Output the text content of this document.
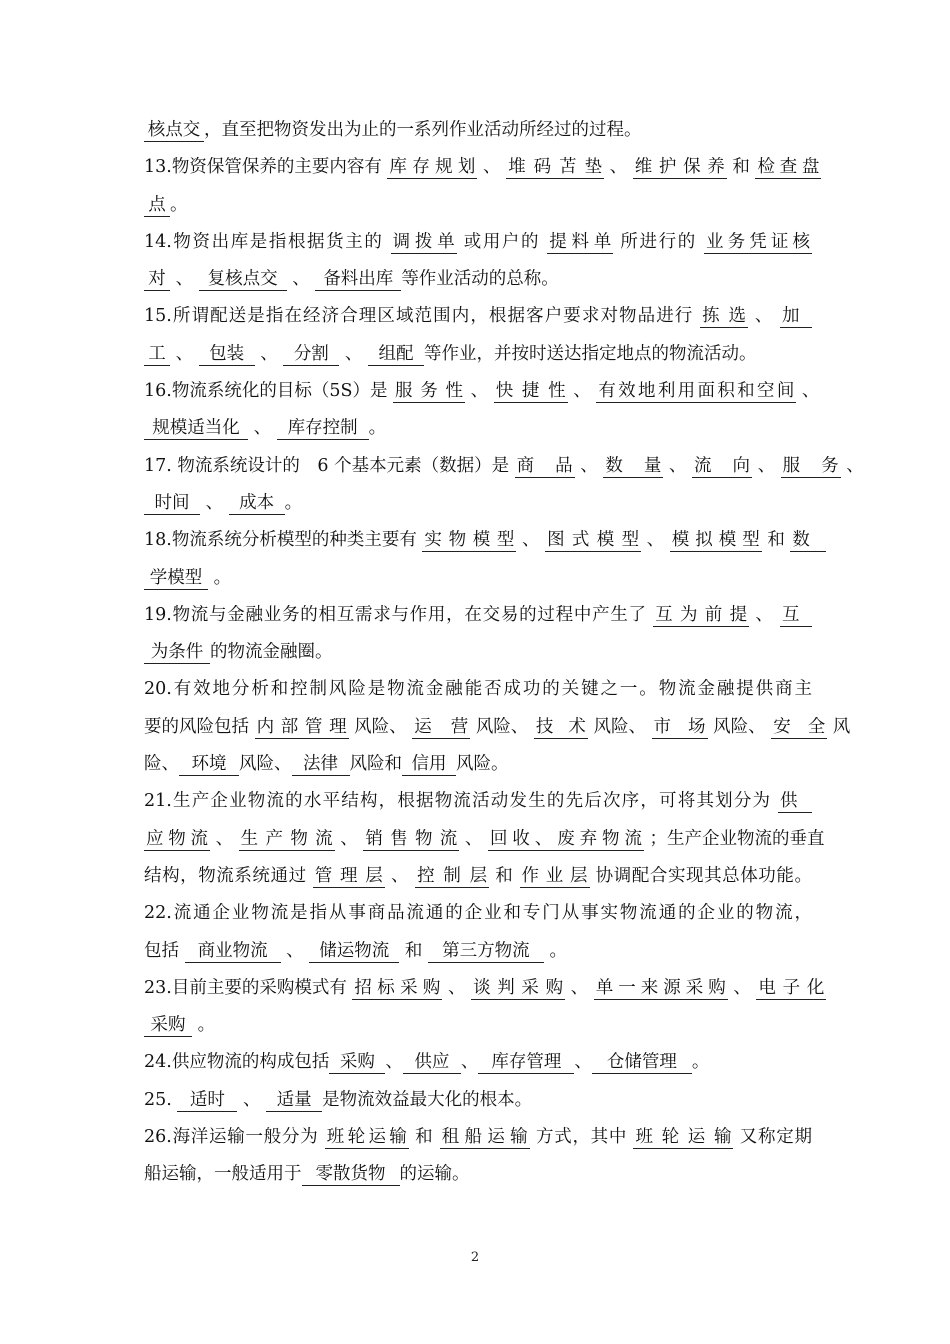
核点交 ，直至把物资发出为止的一系列作业活动所经过的过程。
13.物资保管保养的主要内容有 库存规划 、 堆码苫垫 、 维护保养 和 检查盘
点 。
14.物资出库是指根据货主的 调拨单 或用户的 提料单 所进行的 业务凭证核
对 、 复核点交 、 备料出库 等作业活动的总称。
15.所谓配送是指在经济合理区域范围内，根据客户要求对物品进行 拣选 、 加
工 、 包装 、 分割 、 组配 等作业，并按时送达指定地点的物流活动。
16.物流系统化的目标（5S）是 服务性 、 快捷性 、 有效地利用面积和空间 、
规模适当化 、 库存控制 。
17. 物流系统设计的　6 个基本元素（数据）是 商品 、 数量 、 流向 、 服务 、
时间 、 成本 。
18.物流系统分析模型的种类主要有 实物模型 、 图式模型 、 模拟模型 和 数
学模型 。
19.物流与金融业务的相互需求与作用，在交易的过程中产生了 互为前提 、 互
为条件 的物流金融圈。
20.有效地分析和控制风险是物流金融能否成功的关键之一。物流金融提供商主
要的风险包括 内部管理 风险、 运营 风险、 技术 风险、 市场 风险、 安全 风
险、 环境 风险、 法律 风险和 信用 风险。
21.生产企业物流的水平结构，根据物流活动发生的先后次序，可将其划分为 供
应物流 、 生产物流 、 销售物流 、 回收、废弃物流 ；生产企业物流的垂直
结构，物流系统通过 管理层 、 控制层 和 作业层 协调配合实现其总体功能。
22.流通企业物流是指从事商品流通的企业和专门从事实物流通的企业的物流，
包括 商业物流 、 储运物流 和 第三方物流 。
23.目前主要的采购模式有 招标采购 、 谈判采购 、 单一来源采购 、 电子化
采购 。
24.供应物流的构成包括 采购 、 供应 、 库存管理 、 仓储管理 。
25. 适时 、 适量 是物流效益最大化的根本。
26.海洋运输一般分为 班轮运输 和 租船运输 方式，其中 班轮运输 又称定期
船运输，一般适用于 零散货物 的运输。
2
